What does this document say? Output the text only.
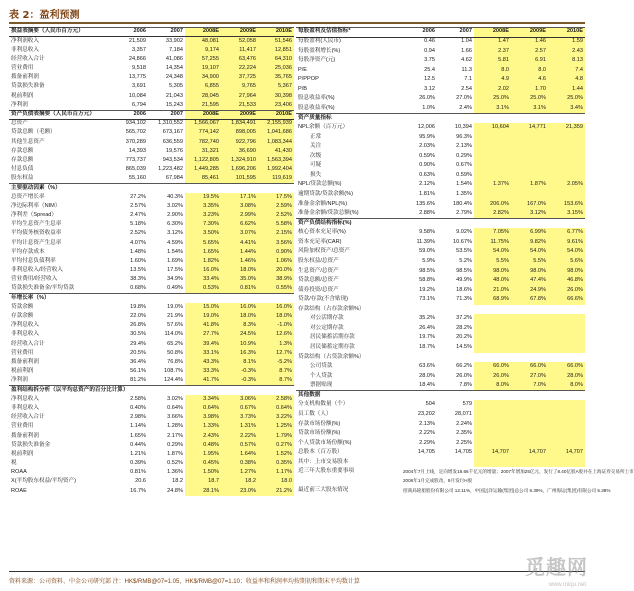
表 2：盈利预测
损益表摘要（人民币百万元）	2006	2007	2008E	2009E	2010E
净利润收入	21,509	33,902	48,081	52,058	51,546
非利息收入	3,357	7,184	9,174	11,417	12,851
经营收入合计	24,866	41,086	57,255	63,476	64,310
营业费用	9,518	14,354	19,107	22,224	25,036
拨备前利润	13,775	24,348	34,900	37,725	35,765
贷款损失准备	3,691	5,305	6,855	9,765	5,367
税前利润	10,084	21,043	28,045	27,964	30,398
净利润	6,794	15,243	21,595	21,533	23,406
资产负债表摘要（人民币百万元）	2006	2007	2008E	2009E	2010E
总资产	934,102	1,310,552	1,566,067	1,834,491	2,155,939
贷款总额（毛额）	565,702	673,167	774,142	898,005	1,041,686
其他生息资产	370,289	636,559	782,740	922,796	1,083,344
存款总额	14,393	19,576	31,321	36,690	41,430
存款总额	773,737	943,534	1,122,805	1,324,910	1,563,394
付息负债	865,039	1,223,482	1,449,285	1,696,206	1,992,404
股东权益	55,160	67,984	85,461	101,595	119,619
主要驱动因素（%）					
总资产增长率	27.2%	40.3%	19.5%	17.1%	17.5%
净边际利率（NIM）	2.57%	3.02%	3.35%	3.08%	2.59%
净利差（Spread）	2.47%	2.90%	3.23%	2.99%	2.52%
平均生息资产生息率	5.18%	6.30%	7.30%	6.62%	5.58%
平均债务核资收益率	2.52%	3.12%	3.50%	3.07%	2.15%
平均计息资产生息率	4.07%	4.59%	5.65%	4.41%	3.56%
平均存款成本	1.48%	1.54%	1.65%	1.44%	0.90%
平均付息负债利率	1.60%	1.69%	1.82%	1.46%	1.06%
非利息收入/经营收入	13.5%	17.5%	16.0%	18.0%	20.0%
营业费用/经营收入	38.3%	34.9%	33.4%	35.0%	38.9%
贷款损失准备金/平均贷款	0.68%	0.49%	0.53%	0.81%	0.55%
年增长率（%）					
贷款余额	19.8%	19.0%	15.0%	16.0%	16.0%
存款余额	22.0%	21.9%	19.0%	18.0%	18.0%
净利息收入	26.8%	57.6%	41.8%	8.3%	-1.0%
非利息收入	30.5%	114.0%	27.7%	24.5%	12.6%
经营收入合计	29.4%	65.2%	39.4%	10.9%	1.3%
营业费用	20.5%	50.8%	33.1%	16.3%	12.7%
拨备前利润	36.4%	76.8%	43.3%	8.1%	-5.2%
税前利润	56.1%	108.7%	33.3%	-0.3%	8.7%
净利润	81.2%	124.4%	41.7%	-0.3%	8.7%
盈利结构拆分析（以平均总资产的百分比计算）					
净利息收入	2.58%	3.02%	3.34%	3.06%	2.58%
非利息收入	0.40%	0.64%	0.64%	0.67%	0.64%
经营收入合计	2.98%	3.66%	3.98%	3.73%	3.22%
营业费用	1.14%	1.28%	1.33%	1.31%	1.25%
拨备前利润	1.65%	2.17%	2.43%	2.22%	1.79%
贷款损失准备金	0.44%	0.29%	0.48%	0.57%	0.27%
税前利润	1.21%	1.87%	1.95%	1.64%	1.52%
税	0.39%	0.52%	0.45%	0.38%	0.35%
ROAA	0.81%	1.36%	1.50%	1.27%	1.17%
X(平均股东权益/平均资产)	20.6	18.2	18.7	18.2	18.0
ROAE	16.7%	24.8%	28.1%	23.0%	21.2%
每股盈利及估值指标*	2006	2007	2008E	2009E	2010E
每股盈利(人民币)	0.46	1.04	1.47	1.46	1.59
每股盈利增长(%)	0.94	1.66	2.37	2.57	2.43
每股净资产(元)	3.75	4.62	5.81	6.91	8.13
P/E	25.4	11.3	8.0	8.0	7.4
P/PPOP	12.5	7.1	4.9	4.6	4.8
P/B	3.12	2.54	2.02	1.70	1.44
股息收益率(%)	26.0%	27.0%	25.0%	25.0%	25.0%
股息收益率(%)	1.0%	2.4%	3.1%	3.1%	3.4%
资产质量指标					
NPL余额（百万元）	12,006	10,394	10,604	14,771	21,359
正常	95.9%	96.3%			
关注	2.03%	2.13%			
次级	0.59%	0.29%			
可疑	0.90%	0.67%			
损失	0.63%	0.59%			
NPL/贷款总额(%)	2.12%	1.54%	1.37%	1.87%	2.05%
逾期贷款/贷款余额(%)	1.81%	1.35%			
准备金余额/NPL(%)	135.6%	180.4%	206.0%	167.0%	153.6%
准备金余额/贷款总额(%)	2.88%	2.79%	2.82%	3.12%	3.15%
资产负债结构指标(%)					
核心资本充足率(%)	9.58%	9.02%	7.05%	6.99%	6.77%
资本充足率(CAR)	11.39%	10.67%	11.75%	9.82%	9.61%
风险加权资产/总资产	59.0%	53.5%	54.0%	54.0%	54.0%
股东权益/总资产	5.9%	5.2%	5.5%	5.5%	5.6%
生息资产/总资产	98.5%	98.5%	98.0%	98.0%	98.0%
贷款总额/总资产	58.8%	49.9%	48.0%	47.4%	46.8%
债券投资/总资产	19.2%	18.6%	21.0%	24.9%	26.0%
贷款/存款(不含贴现)	73.1%	71.3%	68.9%	67.8%	66.6%
存款结构（占存款余额%）					
对公活期存款	35.2%	37.2%			
对公定期存款	26.4%	28.2%			
居民储蓄活期存款	19.7%	20.2%			
居民储蓄定期存款	18.7%	14.5%			
贷款结构（占贷款余额%）					
公司贷款	63.6%	66.2%	66.0%	66.0%	66.0%
个人贷款	28.0%	26.0%	26.0%	27.0%	28.0%
票据贴现	18.4%	7.8%	8.0%	7.0%	8.0%
其他数据					
分支机构数量（个）	504	579			
员工数（人）	23,202	28,071			
存款市场份额(%)	2.13%	2.24%			
贷款市场份额(%)	2.22%	2.35%			
个人贷款市场份额(%)	2.29%	2.25%			
总股本（百万股）	14,705	14,705	14,707	14,707	14,707
其中：上市交易股本					
近三年大股东重要事项	2004年7月上线，定向增发18.66千亿元的增量；2007年增加25亿元，发行了8.40亿股A股并在上海证券交易所上市				
	2006年1月完成股改，9月发行H股				
最近前三大股东情况	招商局轮船股份有限公司 12.11%，中国远洋运输(集团)总公司 6.39%，广州海运(集团)有限公司 5.38%				
资料来源：公司资料、中金公司研究部 注：HK$/RMB@07=1.05，HK$/RMB@07=1.10；收益率和利润率均按期初和期末平均数计算
觅趣网
www.miqu.net
